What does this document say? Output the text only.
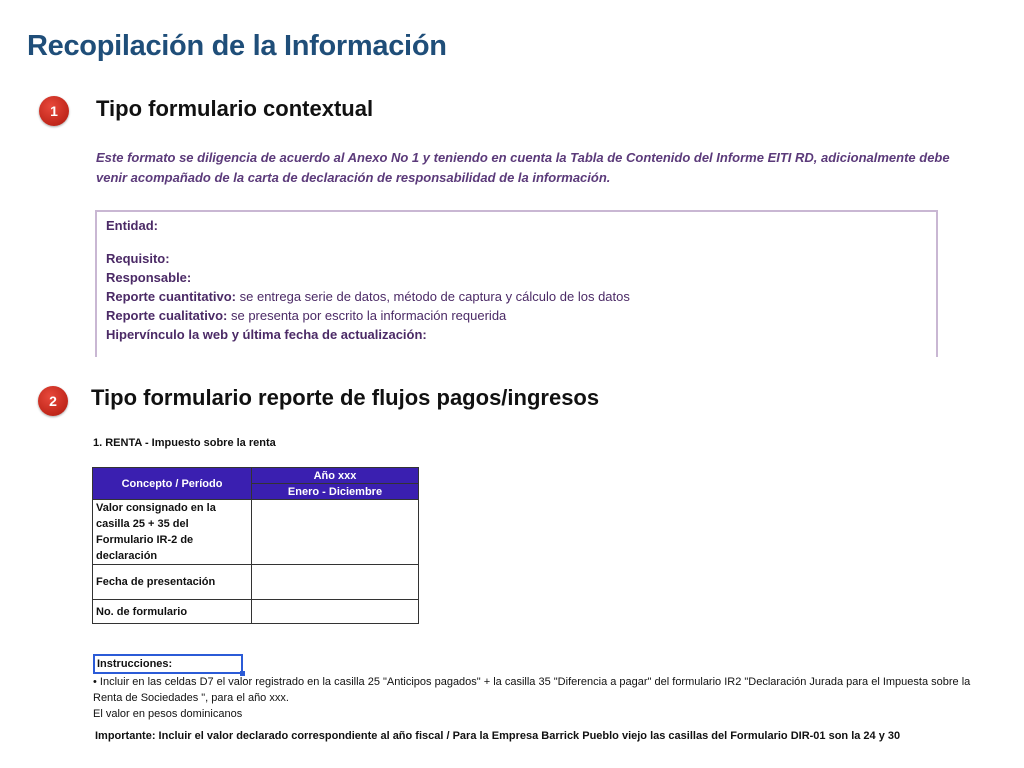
Recopilación de la Información
1	Tipo formulario contextual
Este formato se diligencia de acuerdo al Anexo No 1 y teniendo en cuenta la Tabla de Contenido del Informe EITI RD, adicionalmente debe venir acompañado de la carta de declaración de responsabilidad de la información.
Entidad:
Requisito:
Responsable:
Reporte cuantitativo: se entrega serie de datos, método de captura y cálculo de los datos
Reporte cualitativo: se presenta por escrito la información requerida
Hipervínculo la web y última fecha de actualización:
2	Tipo formulario reporte de flujos pagos/ingresos
1. RENTA - Impuesto sobre la renta
Concepto / Período	Año xxx
	Enero - Diciembre
Valor consignado en la casilla 25 + 35 del Formulario IR-2 de declaración	
Fecha de presentación	
No. de formulario	
Instrucciones:
• Incluir en las celdas D7 el valor registrado en la casilla 25 "Anticipos pagados" + la casilla 35 "Diferencia a pagar" del formulario IR2 "Declaración Jurada para el Impuesta sobre la Renta de Sociedades ", para el año xxx.
El valor en pesos dominicanos
Importante: Incluir el valor declarado correspondiente al año fiscal / Para la Empresa Barrick Pueblo viejo las casillas del Formulario DIR-01 son la 24 y 30
